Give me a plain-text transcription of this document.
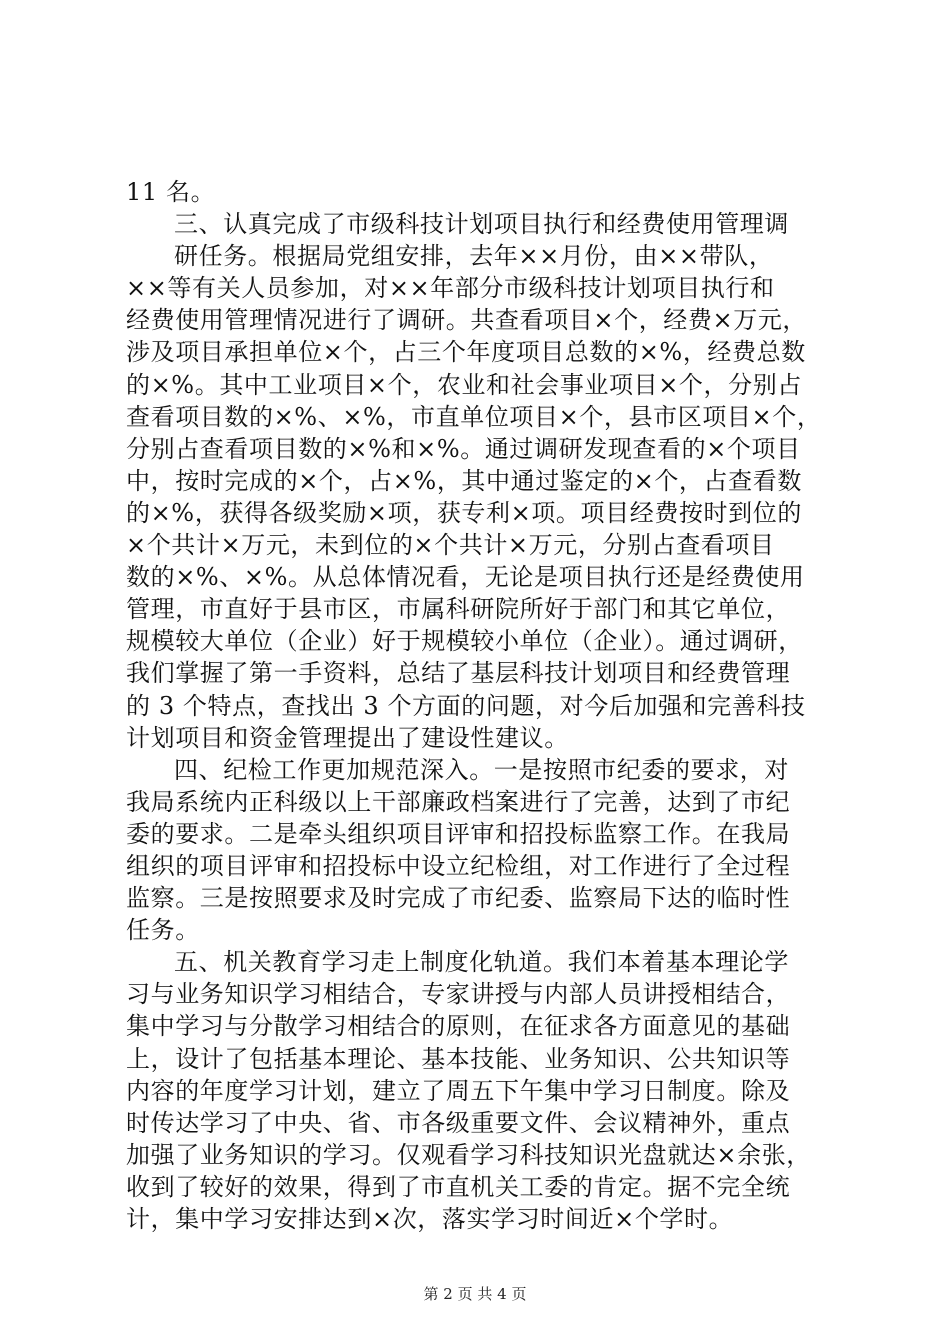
11 名。
三、认真完成了市级科技计划项目执行和经费使用管理调
研任务。根据局党组安排，去年××月份，由××带队，
××等有关人员参加，对××年部分市级科技计划项目执行和
经费使用管理情况进行了调研。共查看项目×个，经费×万元，
涉及项目承担单位×个，占三个年度项目总数的×%，经费总数
的×%。其中工业项目×个，农业和社会事业项目×个，分别占
查看项目数的×%、×%，市直单位项目×个，县市区项目×个，
分别占查看项目数的×%和×%。通过调研发现查看的×个项目
中，按时完成的×个，占×%，其中通过鉴定的×个，占查看数
的×%，获得各级奖励×项，获专利×项。项目经费按时到位的
×个共计×万元，未到位的×个共计×万元，分别占查看项目
数的×%、×%。从总体情况看，无论是项目执行还是经费使用
管理，市直好于县市区，市属科研院所好于部门和其它单位，
规模较大单位（企业）好于规模较小单位（企业）。通过调研，
我们掌握了第一手资料，总结了基层科技计划项目和经费管理
的 3 个特点，查找出 3 个方面的问题，对今后加强和完善科技
计划项目和资金管理提出了建设性建议。
四、纪检工作更加规范深入。一是按照市纪委的要求，对
我局系统内正科级以上干部廉政档案进行了完善，达到了市纪
委的要求。二是牵头组织项目评审和招投标监察工作。在我局
组织的项目评审和招投标中设立纪检组，对工作进行了全过程
监察。三是按照要求及时完成了市纪委、监察局下达的临时性
任务。
五、机关教育学习走上制度化轨道。我们本着基本理论学
习与业务知识学习相结合，专家讲授与内部人员讲授相结合，
集中学习与分散学习相结合的原则，在征求各方面意见的基础
上，设计了包括基本理论、基本技能、业务知识、公共知识等
内容的年度学习计划，建立了周五下午集中学习日制度。除及
时传达学习了中央、省、市各级重要文件、会议精神外，重点
加强了业务知识的学习。仅观看学习科技知识光盘就达×余张，
收到了较好的效果，得到了市直机关工委的肯定。据不完全统
计，集中学习安排达到×次，落实学习时间近×个学时。
第 2 页 共 4 页
